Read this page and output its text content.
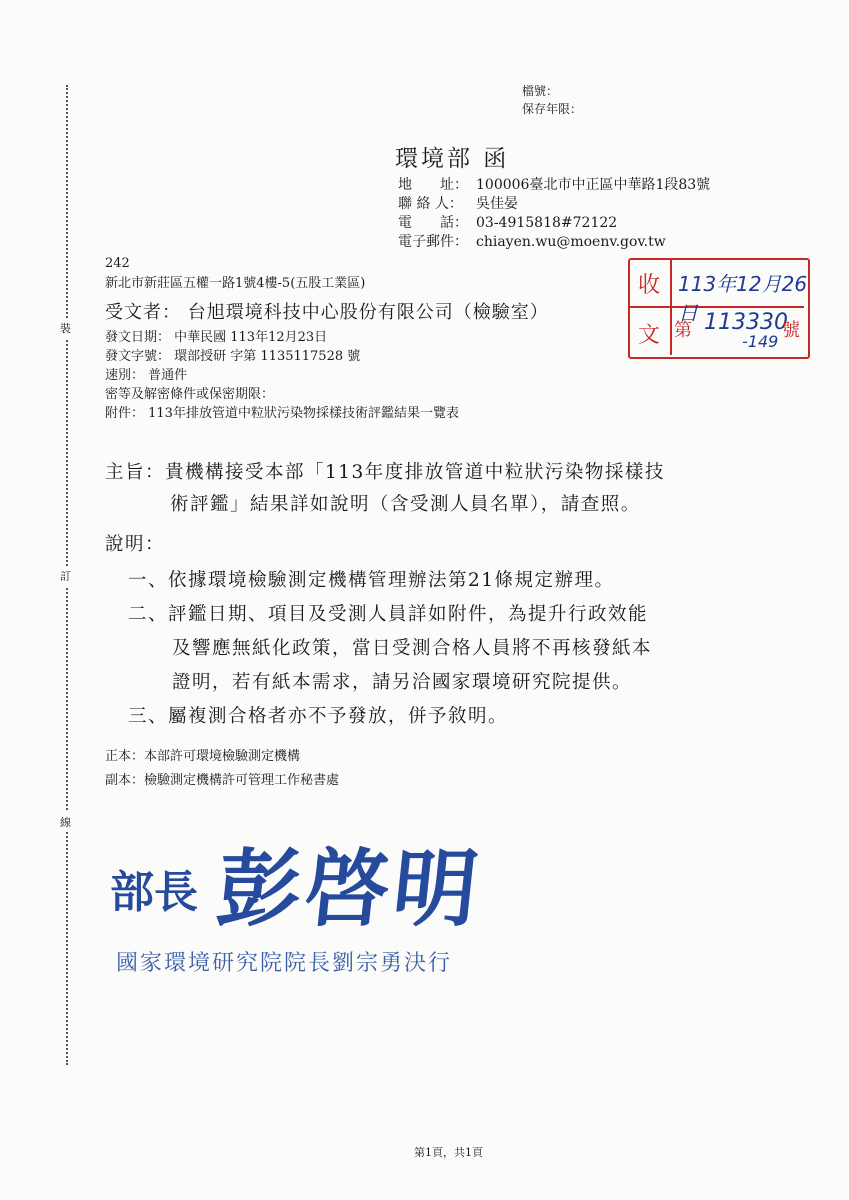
裝
訂
線
檔號：
保存年限：
環境部 函
地　　址： 100006臺北市中正區中華路1段83號
聯 絡 人： 吳佳晏
電　　話： 03-4915818#72122
電子郵件： chiayen.wu@moenv.gov.tw
242
新北市新莊區五權一路1號4樓-5(五股工業區)
受文者： 台旭環境科技中心股份有限公司（檢驗室）
收
文
113年12月26日
第 113330
號
-149
發文日期： 中華民國 113年12月23日
發文字號： 環部授研 字第 1135117528 號
速別： 普通件
密等及解密條件或保密期限：
附件： 113年排放管道中粒狀污染物採樣技術評鑑結果一覽表
主旨：貴機構接受本部「113年度排放管道中粒狀污染物採樣技
術評鑑」結果詳如說明（含受測人員名單），請查照。
說明：
一、依據環境檢驗測定機構管理辦法第21條規定辦理。
二、評鑑日期、項目及受測人員詳如附件，為提升行政效能
及響應無紙化政策，當日受測合格人員將不再核發紙本
證明，若有紙本需求，請另洽國家環境研究院提供。
三、屬複測合格者亦不予發放，併予敘明。
正本：本部許可環境檢驗測定機構
副本：檢驗測定機構許可管理工作秘書處
部長 彭啓明
國家環境研究院院長劉宗勇決行
第1頁，共1頁
